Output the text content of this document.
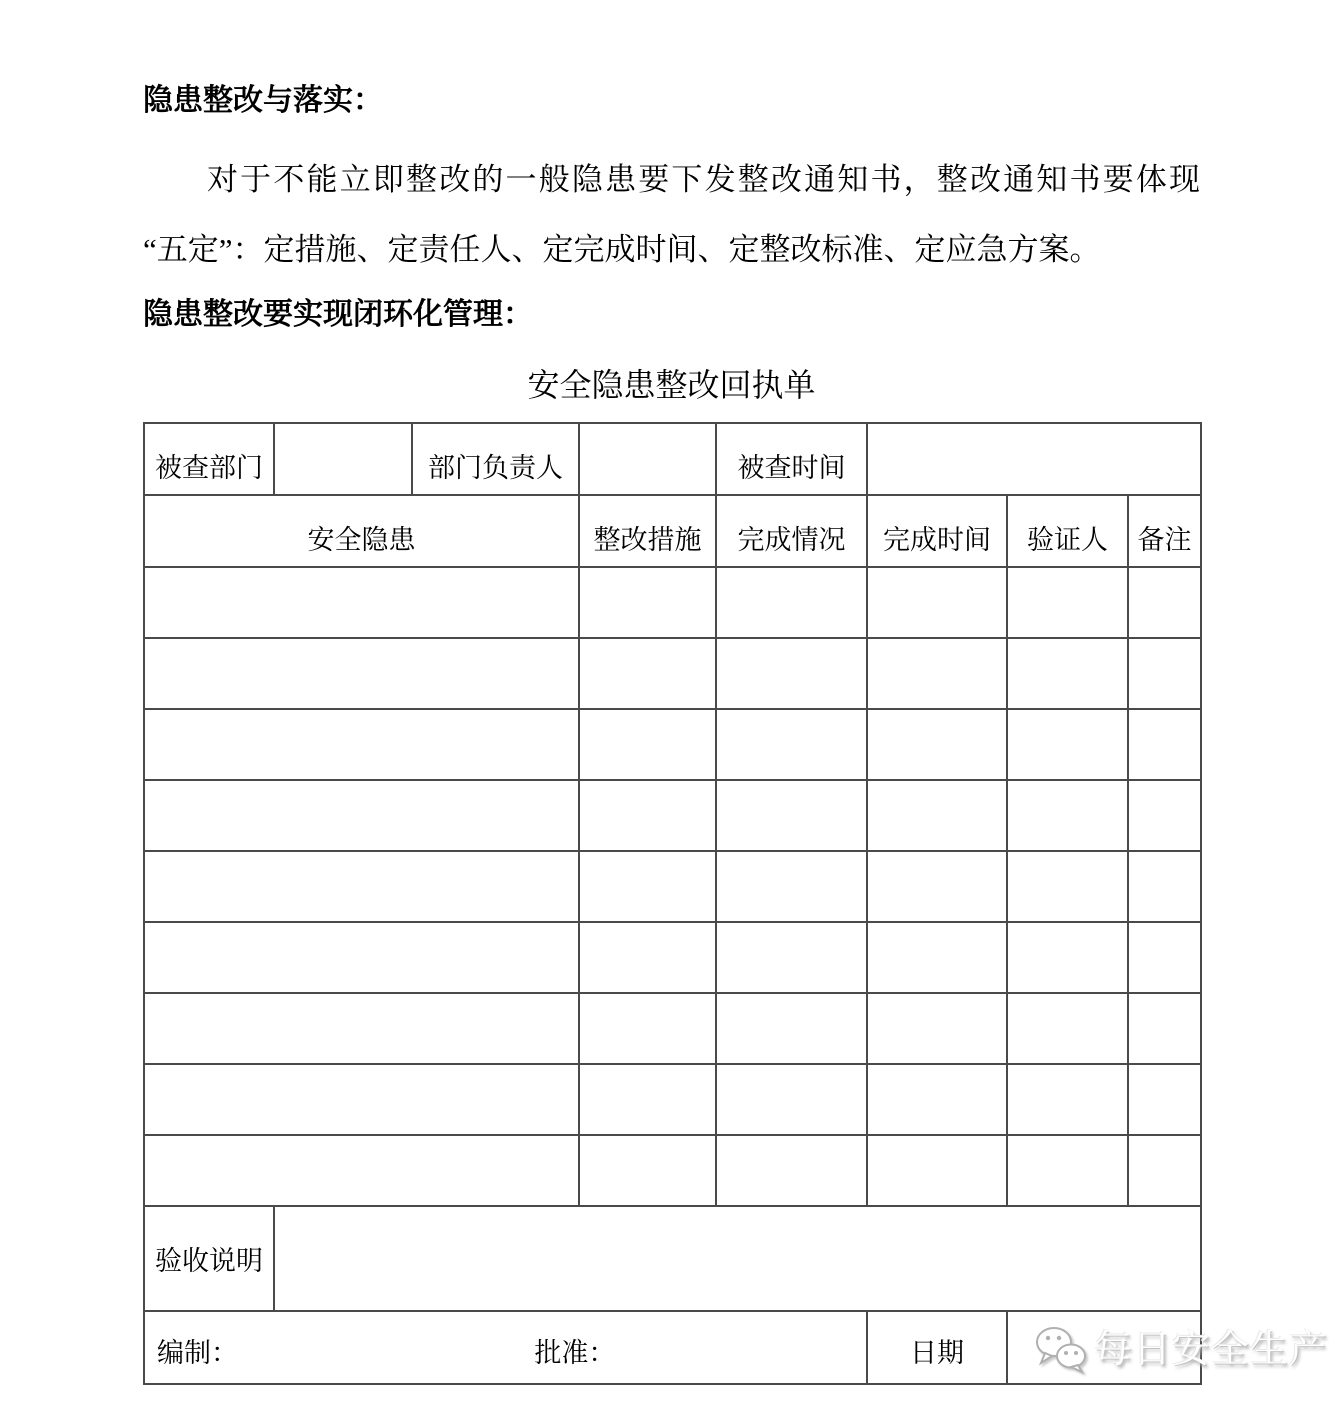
隐患整改与落实：
对于不能立即整改的一般隐患要下发整改通知书，整改通知书要体现
“五定”：定措施、定责任人、定完成时间、定整改标准、定应急方案。
隐患整改要实现闭环化管理：
安全隐患整改回执单
被查部门		部门负责人		被查时间			
安全隐患			整改措施	完成情况	完成时间	验证人	备注

验收说明							
编制： 批准：					日期			每日安全生产
